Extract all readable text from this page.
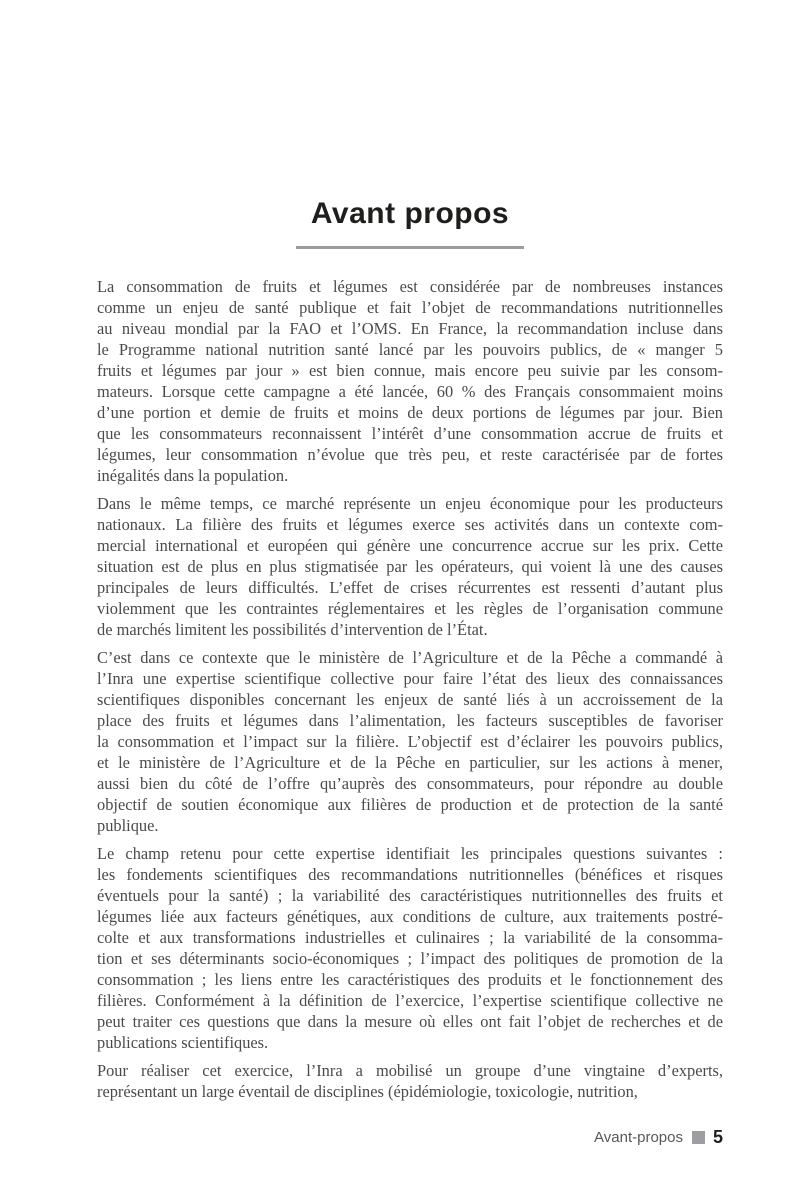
Avant propos

La consommation de fruits et légumes est considérée par de nombreuses instances
comme un enjeu de santé publique et fait l’objet de recommandations nutritionnelles
au niveau mondial par la FAO et l’OMS. En France, la recommandation incluse dans
le Programme national nutrition santé lancé par les pouvoirs publics, de « manger 5
fruits et légumes par jour » est bien connue, mais encore peu suivie par les consom-
mateurs. Lorsque cette campagne a été lancée, 60 % des Français consommaient moins
d’une portion et demie de fruits et moins de deux portions de légumes par jour. Bien
que les consommateurs reconnaissent l’intérêt d’une consommation accrue de fruits et
légumes, leur consommation n’évolue que très peu, et reste caractérisée par de fortes
inégalités dans la population.

Dans le même temps, ce marché représente un enjeu économique pour les producteurs
nationaux. La filière des fruits et légumes exerce ses activités dans un contexte com-
mercial international et européen qui génère une concurrence accrue sur les prix. Cette
situation est de plus en plus stigmatisée par les opérateurs, qui voient là une des causes
principales de leurs difficultés. L’effet de crises récurrentes est ressenti d’autant plus
violemment que les contraintes réglementaires et les règles de l’organisation commune
de marchés limitent les possibilités d’intervention de l’État.

C’est dans ce contexte que le ministère de l’Agriculture et de la Pêche a commandé à
l’Inra une expertise scientifique collective pour faire l’état des lieux des connaissances
scientifiques disponibles concernant les enjeux de santé liés à un accroissement de la
place des fruits et légumes dans l’alimentation, les facteurs susceptibles de favoriser
la consommation et l’impact sur la filière. L’objectif est d’éclairer les pouvoirs publics,
et le ministère de l’Agriculture et de la Pêche en particulier, sur les actions à mener,
aussi bien du côté de l’offre qu’auprès des consommateurs, pour répondre au double
objectif de soutien économique aux filières de production et de protection de la santé
publique.

Le champ retenu pour cette expertise identifiait les principales questions suivantes :
les fondements scientifiques des recommandations nutritionnelles (bénéfices et risques
éventuels pour la santé) ; la variabilité des caractéristiques nutritionnelles des fruits et
légumes liée aux facteurs génétiques, aux conditions de culture, aux traitements postré-
colte et aux transformations industrielles et culinaires ; la variabilité de la consomma-
tion et ses déterminants socio-économiques ; l’impact des politiques de promotion de la
consommation ; les liens entre les caractéristiques des produits et le fonctionnement des
filières. Conformément à la définition de l’exercice, l’expertise scientifique collective ne
peut traiter ces questions que dans la mesure où elles ont fait l’objet de recherches et de
publications scientifiques.

Pour réaliser cet exercice, l’Inra a mobilisé un groupe d’une vingtaine d’experts,
représentant un large éventail de disciplines (épidémiologie, toxicologie, nutrition,

Avant-propos 5
